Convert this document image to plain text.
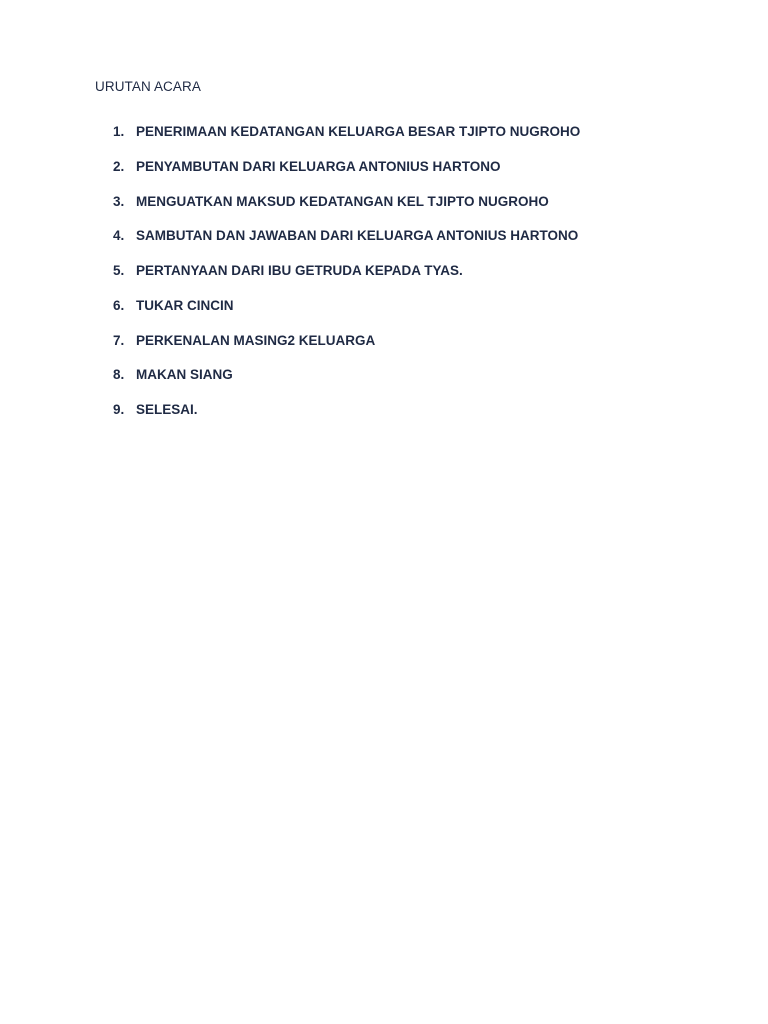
URUTAN ACARA
1. PENERIMAAN KEDATANGAN KELUARGA BESAR TJIPTO NUGROHO
2. PENYAMBUTAN DARI KELUARGA ANTONIUS HARTONO
3. MENGUATKAN MAKSUD KEDATANGAN KEL TJIPTO NUGROHO
4. SAMBUTAN DAN JAWABAN DARI KELUARGA ANTONIUS HARTONO
5. PERTANYAAN DARI IBU GETRUDA KEPADA TYAS.
6. TUKAR CINCIN
7. PERKENALAN MASING2 KELUARGA
8. MAKAN SIANG
9. SELESAI.
